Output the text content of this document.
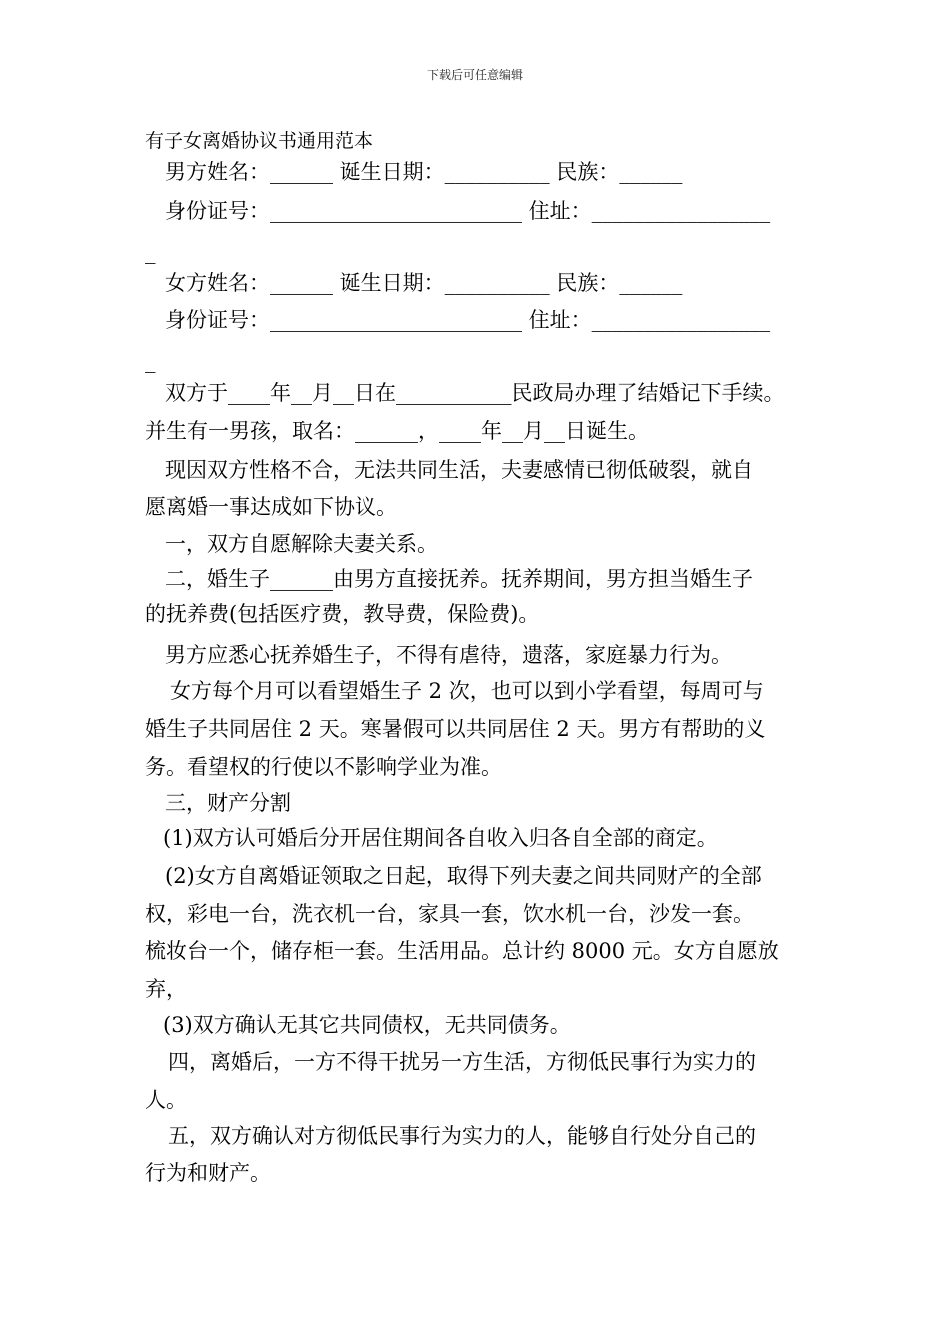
下载后可任意编辑
有子女离婚协议书通用范本
男方姓名：______ 诞生日期：__________ 民族：______
身份证号：________________________ 住址：_________________
_
女方姓名：______ 诞生日期：__________ 民族：______
身份证号：________________________ 住址：_________________
_
双方于____年__月__日在___________民政局办理了结婚记下手续。
并生有一男孩，取名：______，____年__月__日诞生。
现因双方性格不合，无法共同生活，夫妻感情已彻低破裂，就自
愿离婚一事达成如下协议。
一，双方自愿解除夫妻关系。
二，婚生子______由男方直接抚养。抚养期间，男方担当婚生子
的抚养费(包括医疗费，教导费，保险费)。
男方应悉心抚养婚生子，不得有虐待，遗落，家庭暴力行为。
女方每个月可以看望婚生子 2 次，也可以到小学看望，每周可与
婚生子共同居住 2 天。寒暑假可以共同居住 2 天。男方有帮助的义
务。看望权的行使以不影响学业为准。
三，财产分割
(1)双方认可婚后分开居住期间各自收入归各自全部的商定。
(2)女方自离婚证领取之日起，取得下列夫妻之间共同财产的全部
权，彩电一台，洗衣机一台，家具一套，饮水机一台，沙发一套。
梳妆台一个，储存柜一套。生活用品。总计约 8000 元。女方自愿放
弃，
(3)双方确认无其它共同债权，无共同债务。
四，离婚后，一方不得干扰另一方生活，方彻低民事行为实力的
人。
五，双方确认对方彻低民事行为实力的人，能够自行处分自己的
行为和财产。
